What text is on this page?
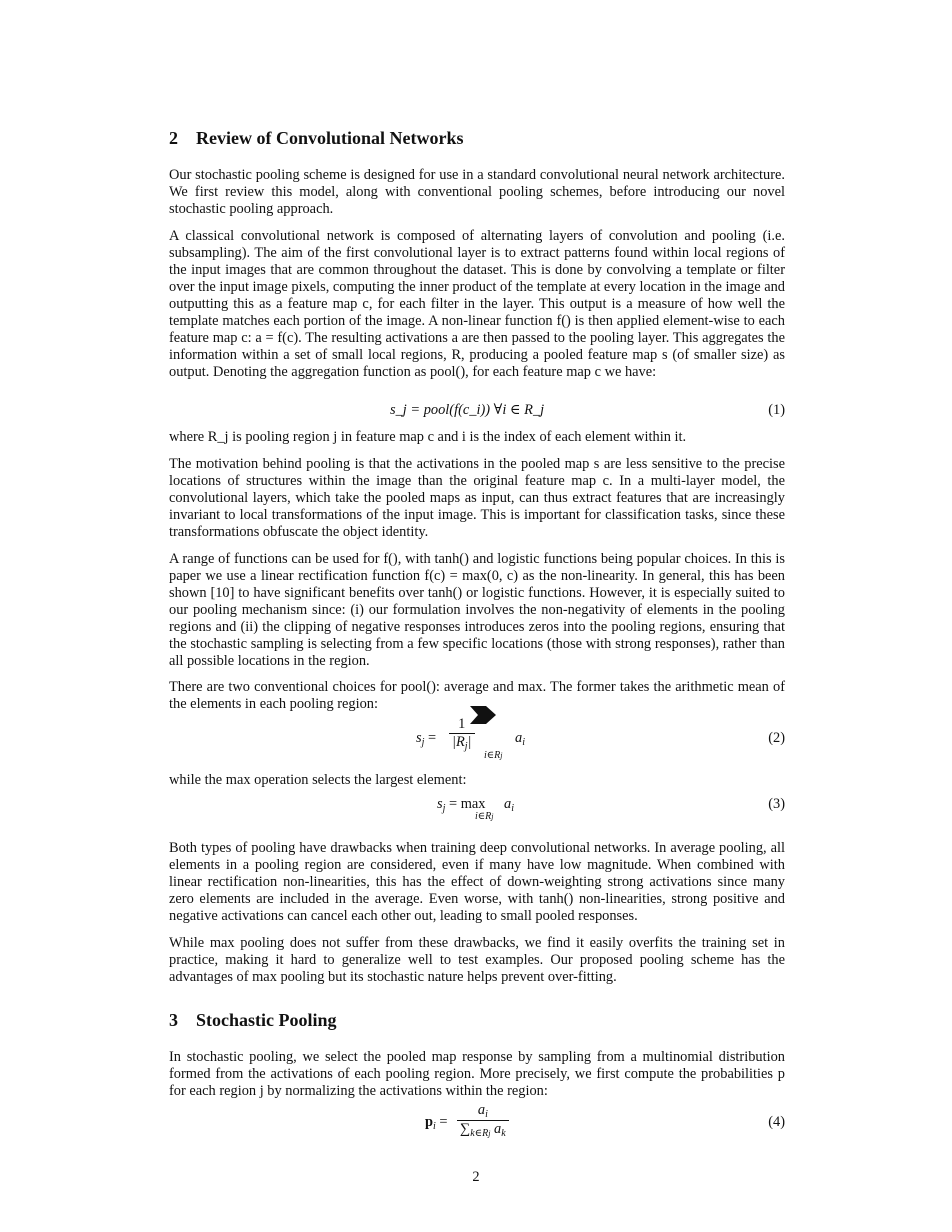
2 Review of Convolutional Networks

Our stochastic pooling scheme is designed for use in a standard convolutional neural network architecture. We first review this model, along with conventional pooling schemes, before introducing our novel stochastic pooling approach.

A classical convolutional network is composed of alternating layers of convolution and pooling (i.e. subsampling). The aim of the first convolutional layer is to extract patterns found within local regions of the input images that are common throughout the dataset. This is done by convolving a template or filter over the input image pixels, computing the inner product of the template at every location in the image and outputting this as a feature map c, for each filter in the layer. This output is a measure of how well the template matches each portion of the image. A non-linear function f() is then applied element-wise to each feature map c: a = f(c). The resulting activations a are then passed to the pooling layer. This aggregates the information within a set of small local regions, R, producing a pooled feature map s (of smaller size) as output. Denoting the aggregation function as pool(), for each feature map c we have:

s_j = pool(f(c_i)) ∀i ∈ R_j	(1)

where R_j is pooling region j in feature map c and i is the index of each element within it.

The motivation behind pooling is that the activations in the pooled map s are less sensitive to the precise locations of structures within the image than the original feature map c. In a multi-layer model, the convolutional layers, which take the pooled maps as input, can thus extract features that are increasingly invariant to local transformations of the input image. This is important for classification tasks, since these transformations obfuscate the object identity.

A range of functions can be used for f(), with tanh() and logistic functions being popular choices. In this is paper we use a linear rectification function f(c) = max(0, c) as the non-linearity. In general, this has been shown [10] to have significant benefits over tanh() or logistic functions. However, it is especially suited to our pooling mechanism since: (i) our formulation involves the non-negativity of elements in the pooling regions and (ii) the clipping of negative responses introduces zeros into the pooling regions, ensuring that the stochastic sampling is selecting from a few specific locations (those with strong responses), rather than all possible locations in the region.

There are two conventional choices for pool(): average and max. The former takes the arithmetic mean of the elements in each pooling region:

$s_j = \frac{1}{|R_j|}$
i∈Rj
$a_i$	(2)

while the max operation selects the largest element:

$s_j = \max$
i∈Rj
$a_i$	(3)

Both types of pooling have drawbacks when training deep convolutional networks. In average pooling, all elements in a pooling region are considered, even if many have low magnitude. When combined with linear rectification non-linearities, this has the effect of down-weighting strong activations since many zero elements are included in the average. Even worse, with tanh() non-linearities, strong positive and negative activations can cancel each other out, leading to small pooled responses.

While max pooling does not suffer from these drawbacks, we find it easily overfits the training set in practice, making it hard to generalize well to test examples. Our proposed pooling scheme has the advantages of max pooling but its stochastic nature helps prevent over-fitting.

3 Stochastic Pooling

In stochastic pooling, we select the pooled map response by sampling from a multinomial distribution formed from the activations of each pooling region. More precisely, we first compute the probabilities p for each region j by normalizing the activations within the region:

$p_i = \frac{a_i}{\sum_{k\in Rj} a_k}$	(4)
2
